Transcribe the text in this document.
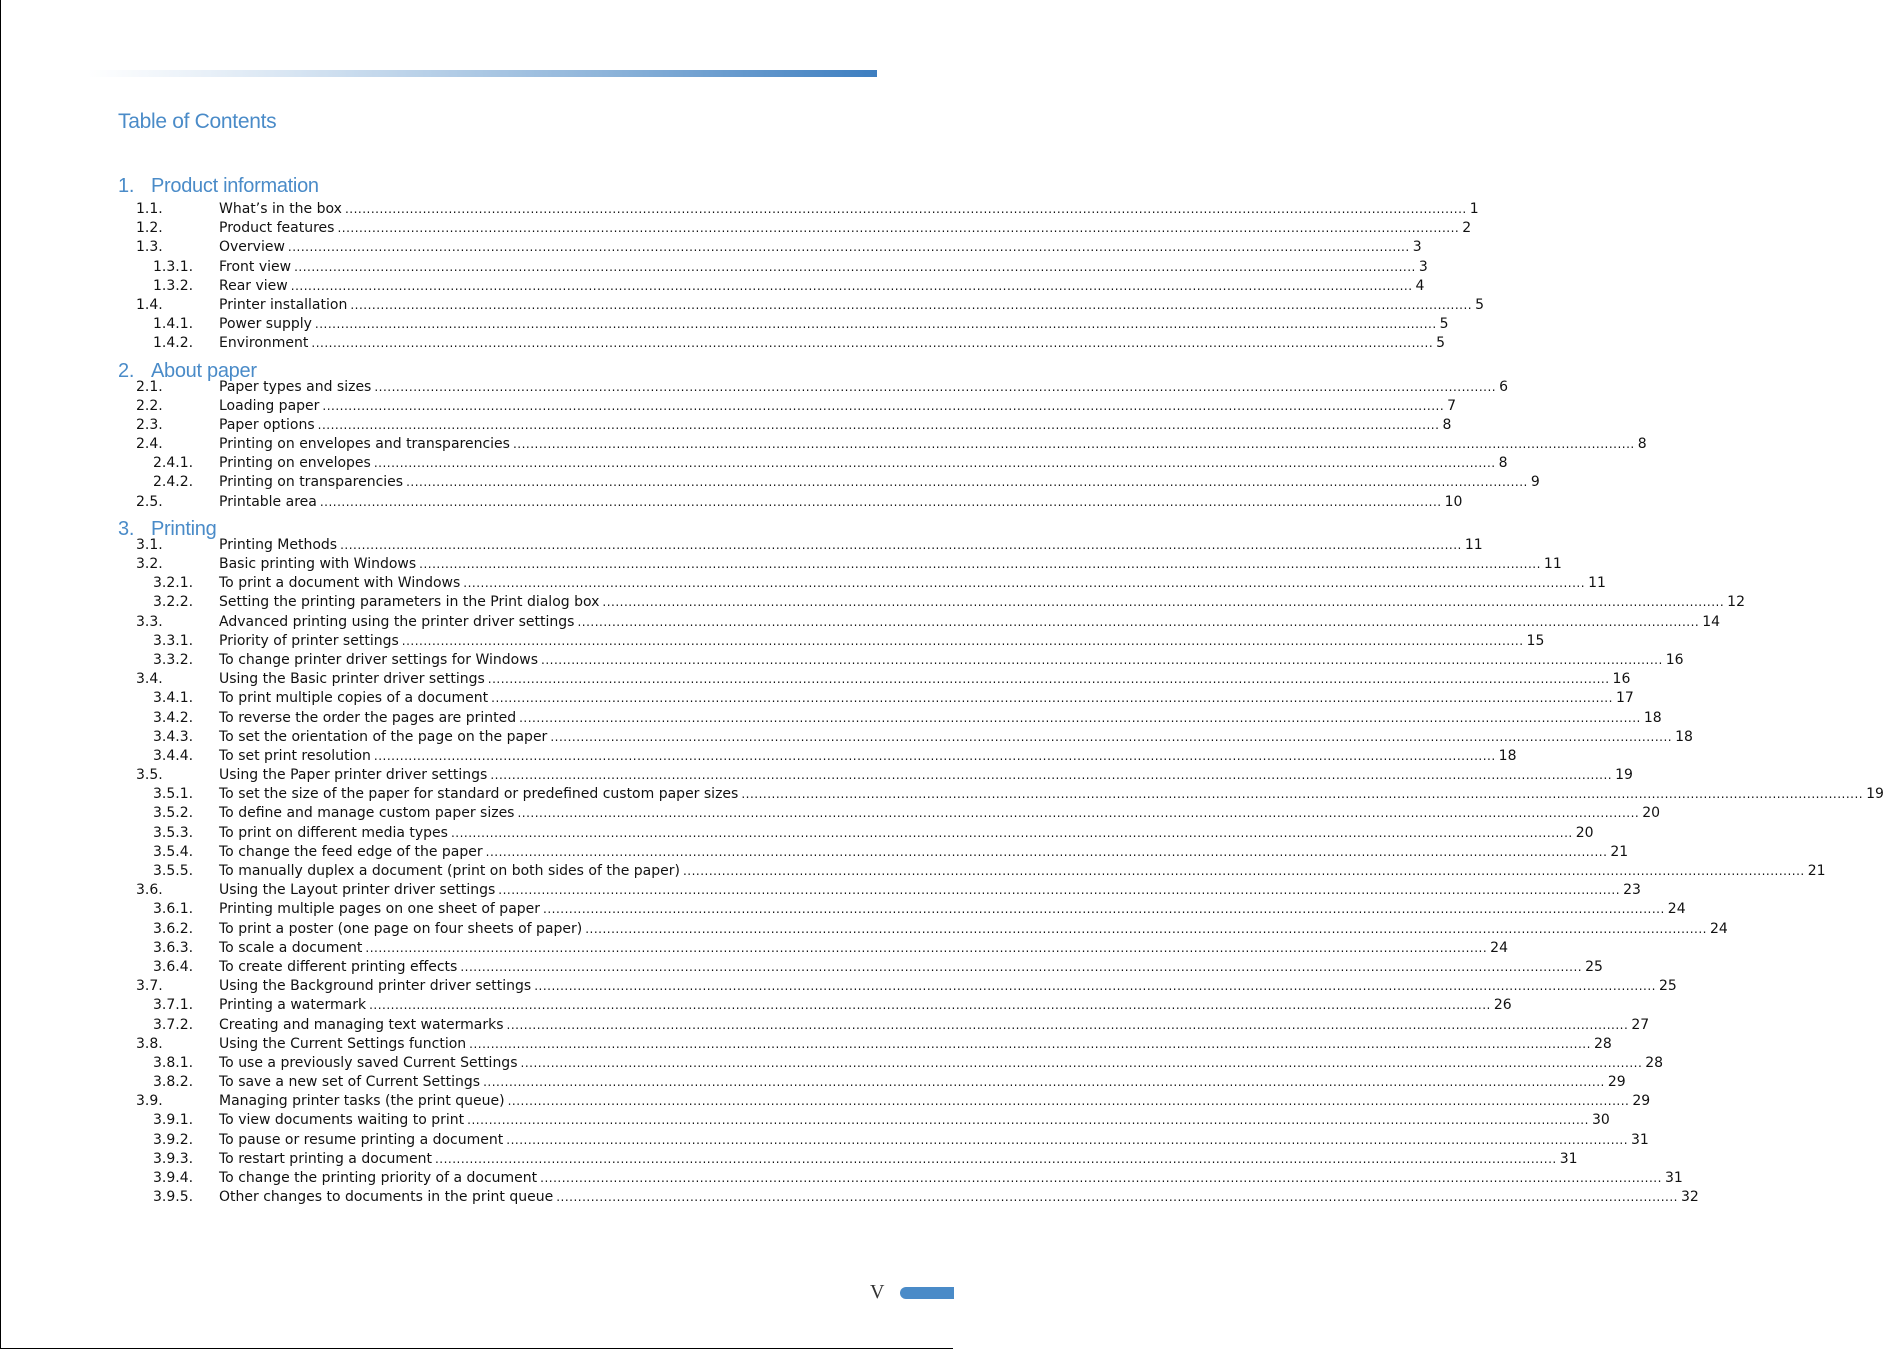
Table of Contents
1. Product information
1.1.	What’s in the box .................................................................................................................................................................................................................................................................... 1
1.2.	Product features .................................................................................................................................................................................................................................................................... 2
1.3.	Overview .................................................................................................................................................................................................................................................................... 3
1.3.1. Front view .................................................................................................................................................................................................................................................................... 3
1.3.2. Rear view .................................................................................................................................................................................................................................................................... 4
1.4.	Printer installation .................................................................................................................................................................................................................................................................... 5
1.4.1. Power supply .................................................................................................................................................................................................................................................................... 5
1.4.2. Environment .................................................................................................................................................................................................................................................................... 5
2. About paper
2.1.	Paper types and sizes .................................................................................................................................................................................................................................................................... 6
2.2.	Loading paper .................................................................................................................................................................................................................................................................... 7
2.3.	Paper options .................................................................................................................................................................................................................................................................... 8
2.4.	Printing on envelopes and transparencies .................................................................................................................................................................................................................................................................... 8
2.4.1. Printing on envelopes .................................................................................................................................................................................................................................................................... 8
2.4.2. Printing on transparencies .................................................................................................................................................................................................................................................................... 9
2.5.	Printable area .................................................................................................................................................................................................................................................................... 10
3. Printing
3.1.	Printing Methods .................................................................................................................................................................................................................................................................... 11
3.2.	Basic printing with Windows .................................................................................................................................................................................................................................................................... 11
3.2.1. To print a document with Windows .................................................................................................................................................................................................................................................................... 11
3.2.2. Setting the printing parameters in the Print dialog box .................................................................................................................................................................................................................................................................... 12
3.3.	Advanced printing using the printer driver settings .................................................................................................................................................................................................................................................................... 14
3.3.1. Priority of printer settings .................................................................................................................................................................................................................................................................... 15
3.3.2. To change printer driver settings for Windows .................................................................................................................................................................................................................................................................... 16
3.4.	Using the Basic printer driver settings .................................................................................................................................................................................................................................................................... 16
3.4.1. To print multiple copies of a document .................................................................................................................................................................................................................................................................... 17
3.4.2. To reverse the order the pages are printed .................................................................................................................................................................................................................................................................... 18
3.4.3. To set the orientation of the page on the paper .................................................................................................................................................................................................................................................................... 18
3.4.4. To set print resolution .................................................................................................................................................................................................................................................................... 18
3.5.	Using the Paper printer driver settings .................................................................................................................................................................................................................................................................... 19
3.5.1. To set the size of the paper for standard or predefined custom paper sizes .................................................................................................................................................................................................................................................................... 19
3.5.2. To define and manage custom paper sizes .................................................................................................................................................................................................................................................................... 20
3.5.3. To print on different media types .................................................................................................................................................................................................................................................................... 20
3.5.4. To change the feed edge of the paper .................................................................................................................................................................................................................................................................... 21
3.5.5. To manually duplex a document (print on both sides of the paper) .................................................................................................................................................................................................................................................................... 21
3.6.	Using the Layout printer driver settings .................................................................................................................................................................................................................................................................... 23
3.6.1. Printing multiple pages on one sheet of paper .................................................................................................................................................................................................................................................................... 24
3.6.2. To print a poster (one page on four sheets of paper) .................................................................................................................................................................................................................................................................... 24
3.6.3. To scale a document .................................................................................................................................................................................................................................................................... 24
3.6.4. To create different printing effects .................................................................................................................................................................................................................................................................... 25
3.7.	Using the Background printer driver settings .................................................................................................................................................................................................................................................................... 25
3.7.1. Printing a watermark .................................................................................................................................................................................................................................................................... 26
3.7.2. Creating and managing text watermarks .................................................................................................................................................................................................................................................................... 27
3.8.	Using the Current Settings function .................................................................................................................................................................................................................................................................... 28
3.8.1. To use a previously saved Current Settings .................................................................................................................................................................................................................................................................... 28
3.8.2. To save a new set of Current Settings .................................................................................................................................................................................................................................................................... 29
3.9.	Managing printer tasks (the print queue) .................................................................................................................................................................................................................................................................... 29
3.9.1. To view documents waiting to print .................................................................................................................................................................................................................................................................... 30
3.9.2. To pause or resume printing a document .................................................................................................................................................................................................................................................................... 31
3.9.3. To restart printing a document .................................................................................................................................................................................................................................................................... 31
3.9.4. To change the printing priority of a document .................................................................................................................................................................................................................................................................... 31
3.9.5. Other changes to documents in the print queue .................................................................................................................................................................................................................................................................... 32
V
